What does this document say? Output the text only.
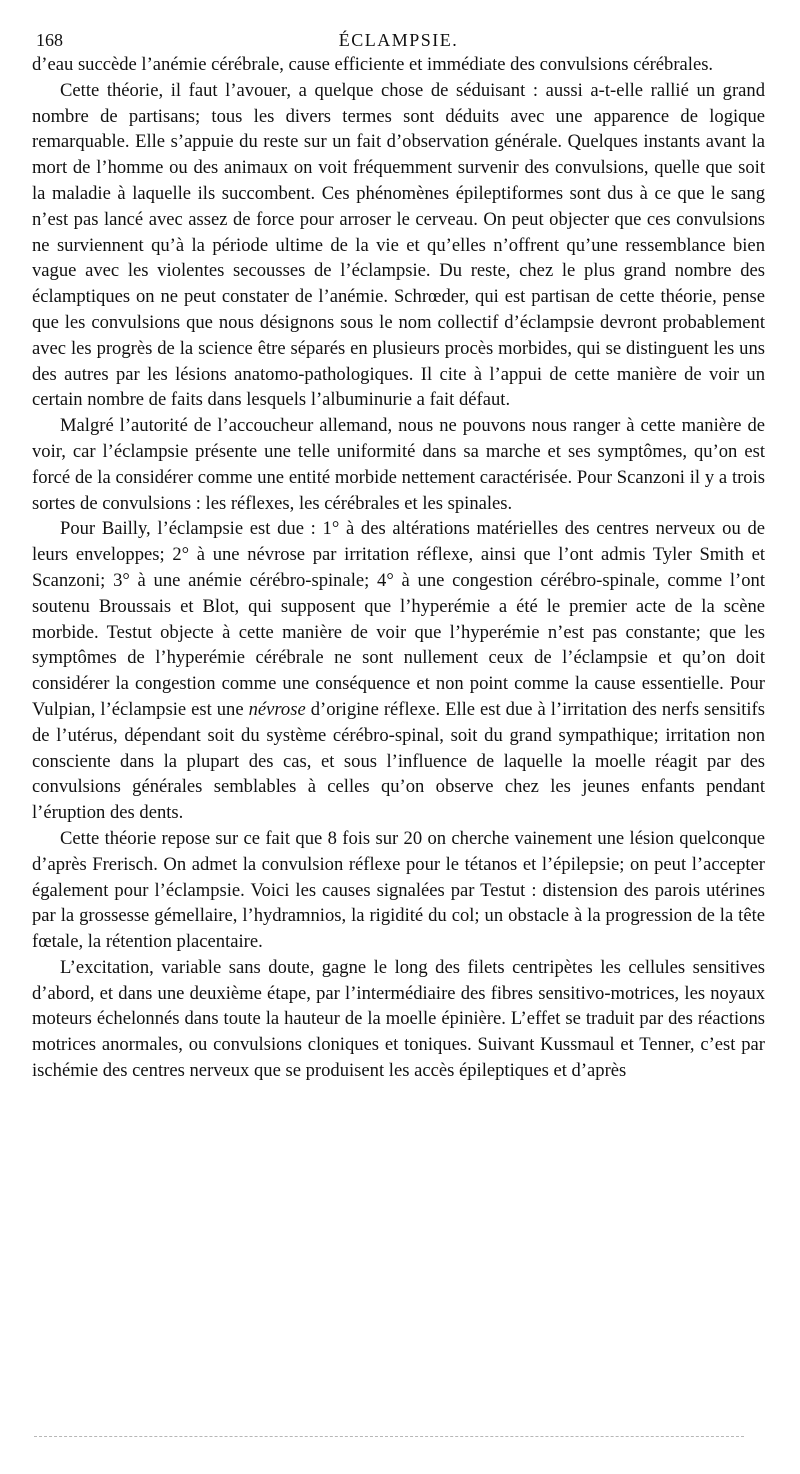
168	ÉCLAMPSIE.

d’eau succède l’anémie cérébrale, cause efficiente et immédiate des convulsions cérébrales.

Cette théorie, il faut l’avouer, a quelque chose de séduisant : aussi a-t-elle rallié un grand nombre de partisans; tous les divers termes sont déduits avec une apparence de logique remarquable. Elle s’appuie du reste sur un fait d’observation générale. Quelques instants avant la mort de l’homme ou des animaux on voit fréquemment survenir des convulsions, quelle que soit la maladie à laquelle ils succombent. Ces phénomènes épileptiformes sont dus à ce que le sang n’est pas lancé avec assez de force pour arroser le cerveau. On peut objecter que ces convulsions ne surviennent qu’à la période ultime de la vie et qu’elles n’offrent qu’une ressemblance bien vague avec les violentes secousses de l’éclampsie. Du reste, chez le plus grand nombre des éclamptiques on ne peut constater de l’anémie. Schrœder, qui est partisan de cette théorie, pense que les convulsions que nous désignons sous le nom collectif d’éclampsie devront probablement avec les progrès de la science être séparés en plusieurs procès morbides, qui se distinguent les uns des autres par les lésions anatomo-pathologiques. Il cite à l’appui de cette manière de voir un certain nombre de faits dans lesquels l’albuminurie a fait défaut.

Malgré l’autorité de l’accoucheur allemand, nous ne pouvons nous ranger à cette manière de voir, car l’éclampsie présente une telle uniformité dans sa marche et ses symptômes, qu’on est forcé de la considérer comme une entité morbide nettement caractérisée. Pour Scanzoni il y a trois sortes de convulsions : les réflexes, les cérébrales et les spinales.

Pour Bailly, l’éclampsie est due : 1° à des altérations matérielles des centres nerveux ou de leurs enveloppes; 2° à une névrose par irritation réflexe, ainsi que l’ont admis Tyler Smith et Scanzoni; 3° à une anémie cérébro-spinale; 4° à une congestion cérébro-spinale, comme l’ont soutenu Broussais et Blot, qui supposent que l’hyperémie a été le premier acte de la scène morbide. Testut objecte à cette manière de voir que l’hyperémie n’est pas constante; que les symptômes de l’hyperémie cérébrale ne sont nullement ceux de l’éclampsie et qu’on doit considérer la congestion comme une conséquence et non point comme la cause essentielle. Pour Vulpian, l’éclampsie est une névrose d’origine réflexe. Elle est due à l’irritation des nerfs sensitifs de l’utérus, dépendant soit du système cérébro-spinal, soit du grand sympathique; irritation non consciente dans la plupart des cas, et sous l’influence de laquelle la moelle réagit par des convulsions générales semblables à celles qu’on observe chez les jeunes enfants pendant l’éruption des dents.

Cette théorie repose sur ce fait que 8 fois sur 20 on cherche vainement une lésion quelconque d’après Frerisch. On admet la convulsion réflexe pour le tétanos et l’épilepsie; on peut l’accepter également pour l’éclampsie. Voici les causes signalées par Testut : distension des parois utérines par la grossesse gémellaire, l’hydramnios, la rigidité du col; un obstacle à la progression de la tête fœtale, la rétention placentaire.

L’excitation, variable sans doute, gagne le long des filets centripètes les cellules sensitives d’abord, et dans une deuxième étape, par l’intermédiaire des fibres sensitivo-motrices, les noyaux moteurs échelonnés dans toute la hauteur de la moelle épinière. L’effet se traduit par des réactions motrices anormales, ou convulsions cloniques et toniques. Suivant Kussmaul et Tenner, c’est par ischémie des centres nerveux que se produisent les accès épileptiques et d’après
